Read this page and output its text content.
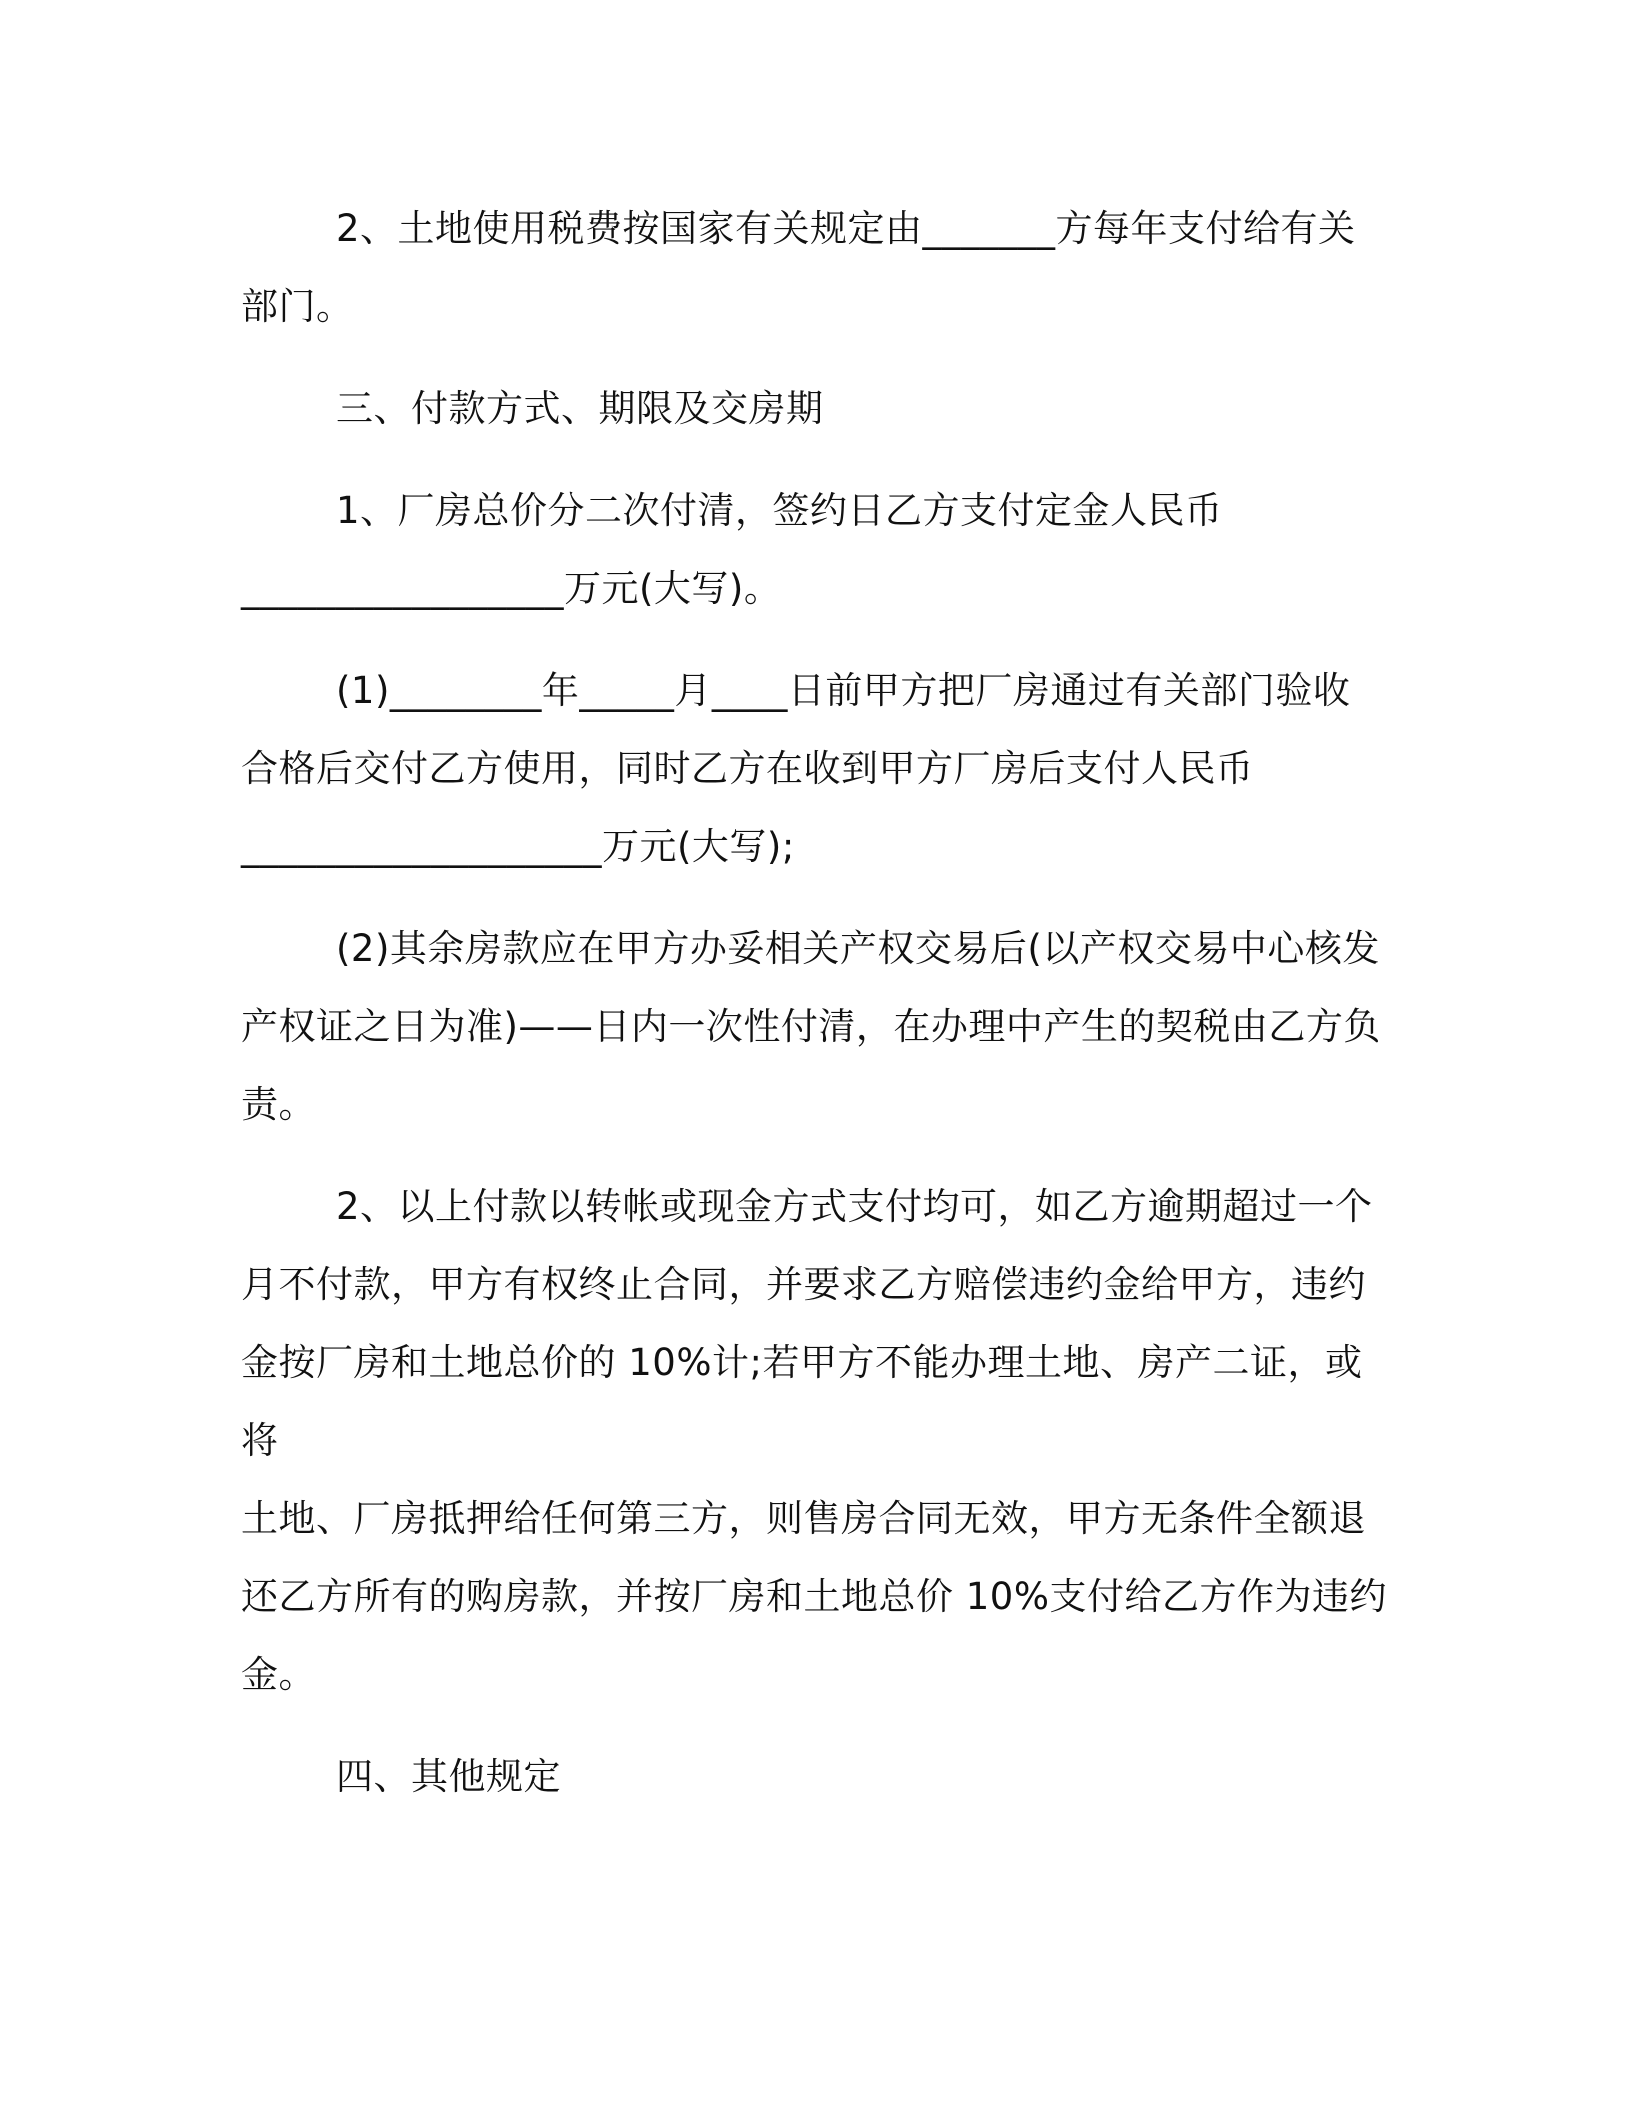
2、土地使用税费按国家有关规定由_______方每年支付给有关
部门。
三、付款方式、期限及交房期
1、厂房总价分二次付清，签约日乙方支付定金人民币
_________________万元(大写)。
(1)________年_____月____日前甲方把厂房通过有关部门验收
合格后交付乙方使用，同时乙方在收到甲方厂房后支付人民币
___________________万元(大写);
(2)其余房款应在甲方办妥相关产权交易后(以产权交易中心核发
产权证之日为准)——日内一次性付清，在办理中产生的契税由乙方负
责。
2、以上付款以转帐或现金方式支付均可，如乙方逾期超过一个
月不付款，甲方有权终止合同，并要求乙方赔偿违约金给甲方，违约
金按厂房和土地总价的 10%计;若甲方不能办理土地、房产二证，或将
土地、厂房抵押给任何第三方，则售房合同无效，甲方无条件全额退
还乙方所有的购房款，并按厂房和土地总价 10%支付给乙方作为违约
金。
四、其他规定
